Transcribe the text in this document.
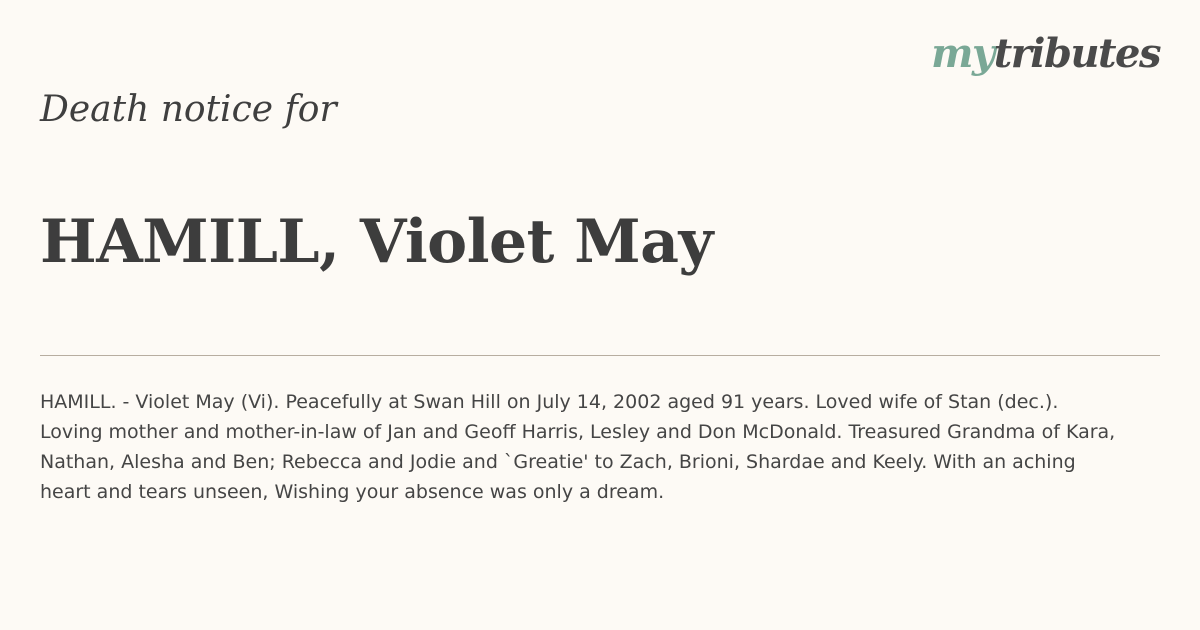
mytributes
Death notice for
HAMILL, Violet May

HAMILL. - Violet May (Vi). Peacefully at Swan Hill on July 14, 2002 aged 91 years. Loved wife of Stan (dec.). Loving mother and mother-in-law of Jan and Geoff Harris, Lesley and Don McDonald. Treasured Grandma of Kara, Nathan, Alesha and Ben; Rebecca and Jodie and `Greatie' to Zach, Brioni, Shardae and Keely. With an aching heart and tears unseen, Wishing your absence was only a dream.
